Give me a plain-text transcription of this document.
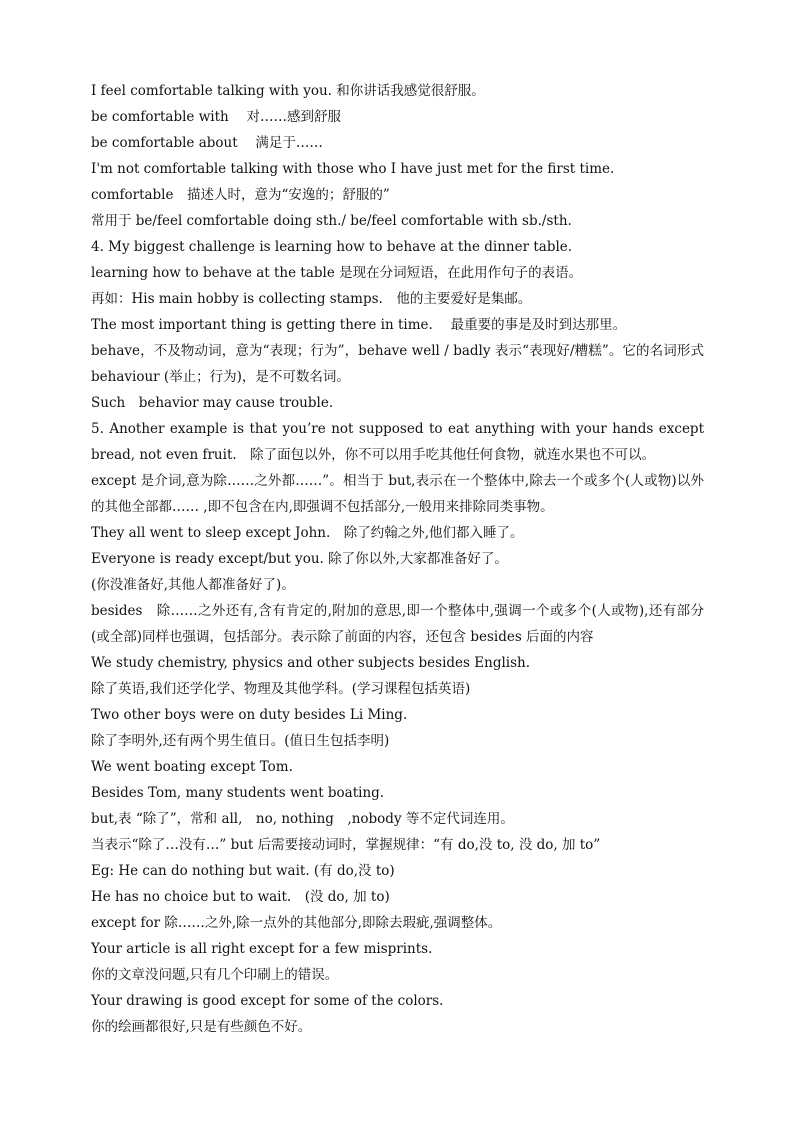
I feel comfortable talking with you. 和你讲话我感觉很舒服。

be comfortable with　 对……感到舒服

be comfortable about　 满足于……

I'm not comfortable talking with those who I have just met for the first time.

comfortable　描述人时，意为“安逸的；舒服的”

常用于 be/feel comfortable doing sth./ be/feel comfortable with sb./sth.

4. My biggest challenge is learning how to behave at the dinner table.

learning how to behave at the table 是现在分词短语，在此用作句子的表语。

再如：His main hobby is collecting stamps.　他的主要爱好是集邮。

The most important thing is getting there in time.　 最重要的事是及时到达那里。

behave，不及物动词，意为“表现；行为”，behave well / badly 表示“表现好/糟糕”。它的名词形式 behaviour (举止；行为)，是不可数名词。

Such　behavior may cause trouble.

5. Another example is that you’re not supposed to eat anything with your hands except bread, not even fruit.　除了面包以外，你不可以用手吃其他任何食物，就连水果也不可以。

except 是介词,意为除……之外都……”。相当于 but,表示在一个整体中,除去一个或多个(人或物)以外的其他全部都…… ,即不包含在内,即强调不包括部分,一般用来排除同类事物。

They all went to sleep except John.　除了约翰之外,他们都入睡了。

Everyone is ready except/but you. 除了你以外,大家都准备好了。

(你没准备好,其他人都准备好了)。

besides　除……之外还有,含有肯定的,附加的意思,即一个整体中,强调一个或多个(人或物),还有部分(或全部)同样也强调，包括部分。表示除了前面的内容，还包含 besides 后面的内容

We study chemistry, physics and other subjects besides English.

除了英语,我们还学化学、物理及其他学科。(学习课程包括英语)

Two other boys were on duty besides Li Ming.

除了李明外,还有两个男生值日。(值日生包括李明)

We went boating except Tom.

Besides Tom, many students went boating.

but,表 “除了”，常和 all,　no, nothing　,nobody 等不定代词连用。

当表示“除了…没有…” but 后需要接动词时，掌握规律：“有 do,没 to, 没 do, 加 to”

Eg: He can do nothing but wait. (有 do,没 to)

He has no choice but to wait.　(没 do, 加 to)

except for 除……之外,除一点外的其他部分,即除去瑕疵,强调整体。

Your article is all right except for a few misprints.

你的文章没问题,只有几个印刷上的错误。

Your drawing is good except for some of the colors.

你的绘画都很好,只是有些颜色不好。
